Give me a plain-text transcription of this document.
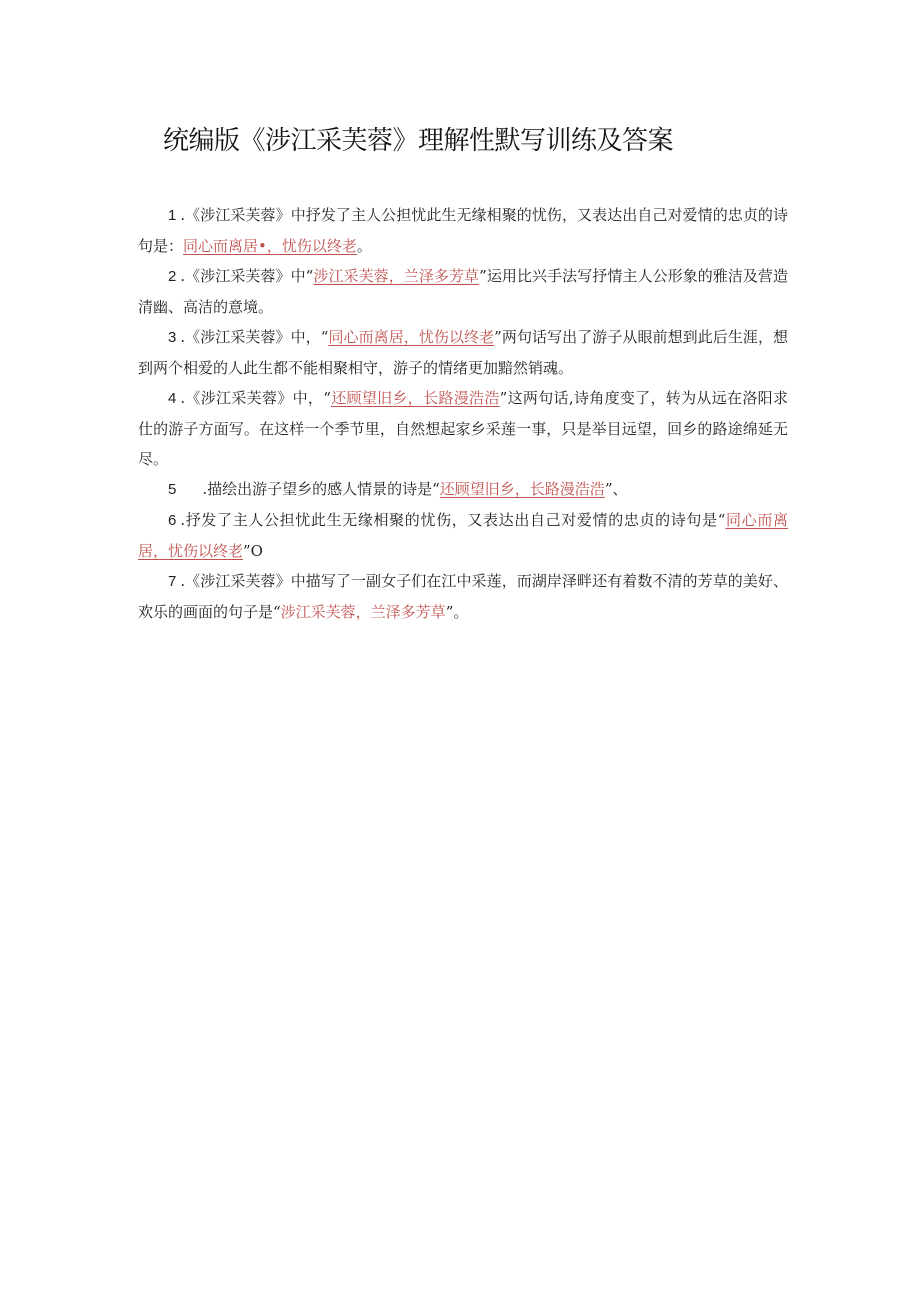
统编版《涉江采芙蓉》理解性默写训练及答案

1 .《涉江采芙蓉》中抒发了主人公担忧此生无缘相聚的忧伤，又表达出自己对爱情的忠贞的诗句是：同心而离居•，忧伤以终老。

2 .《涉江采芙蓉》中“涉江采芙蓉，兰泽多芳草”运用比兴手法写抒情主人公形象的雅洁及营造清幽、高洁的意境。

3 .《涉江采芙蓉》中，“同心而离居，忧伤以终老”两句话写出了游子从眼前想到此后生涯，想到两个相爱的人此生都不能相聚相守，游子的情绪更加黯然销魂。

4 .《涉江采芙蓉》中，“还顾望旧乡，长路漫浩浩”这两句话,诗角度变了，转为从远在洛阳求仕的游子方面写。在这样一个季节里，自然想起家乡采莲一事，只是举目远望，回乡的路途绵延无尽。

5 .描绘出游子望乡的感人情景的诗是“还顾望旧乡，长路漫浩浩”、

6 .抒发了主人公担忧此生无缘相聚的忧伤，又表达出自己对爱情的忠贞的诗句是“同心而离居，忧伤以终老”O

7 .《涉江采芙蓉》中描写了一副女子们在江中采莲，而湖岸泽畔还有着数不清的芳草的美好、欢乐的画面的句子是“涉江采芙蓉，兰泽多芳草”。
